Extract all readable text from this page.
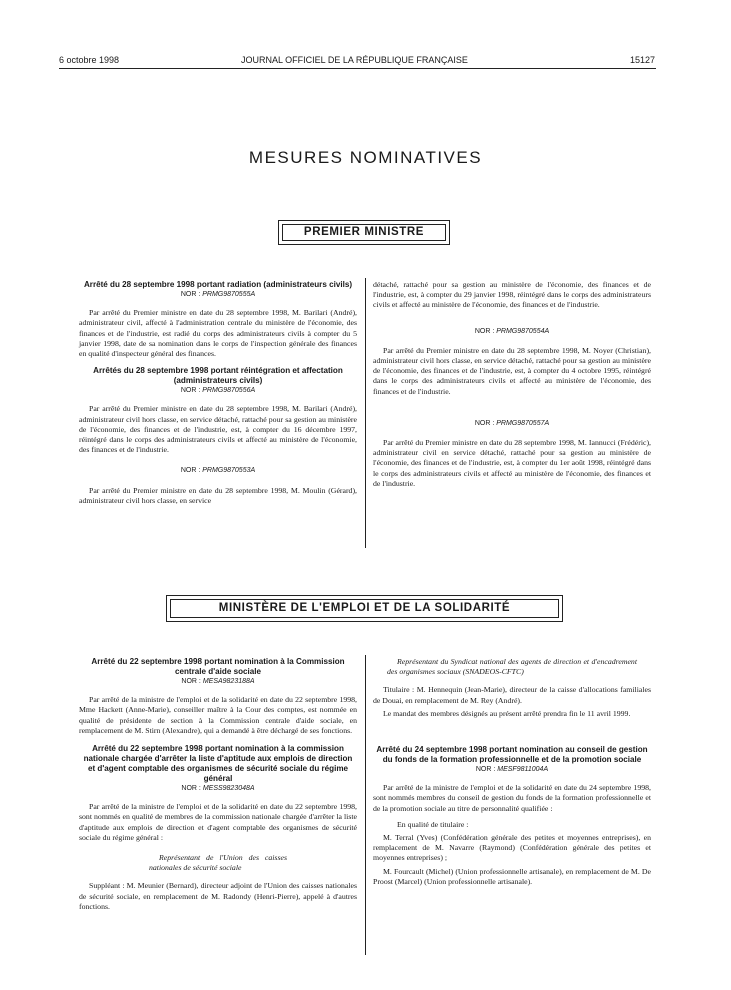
6 octobre 1998	JOURNAL OFFICIEL DE LA RÉPUBLIQUE FRANÇAISE	15127
MESURES NOMINATIVES
PREMIER MINISTRE
Arrêté du 28 septembre 1998 portant radiation (administrateurs civils)
NOR : PRMG9870555A

Par arrêté du Premier ministre en date du 28 septembre 1998, M. Barilari (André), administrateur civil, affecté à l'administration centrale du ministère de l'économie, des finances et de l'industrie, est radié du corps des administrateurs civils à compter du 5 janvier 1998, date de sa nomination dans le corps de l'inspection générale des finances en qualité d'inspecteur général des finances.

Arrêtés du 28 septembre 1998 portant réintégration et affectation (administrateurs civils)
NOR : PRMG9870556A

Par arrêté du Premier ministre en date du 28 septembre 1998, M. Barilari (André), administrateur civil hors classe, en service détaché, rattaché pour sa gestion au ministère de l'économie, des finances et de l'industrie, est, à compter du 16 décembre 1997, réintégré dans le corps des administrateurs civils et affecté au ministère de l'économie, des finances et de l'industrie.

NOR : PRMG9870553A

Par arrêté du Premier ministre en date du 28 septembre 1998, M. Moulin (Gérard), administrateur civil hors classe, en service

détaché, rattaché pour sa gestion au ministère de l'économie, des finances et de l'industrie, est, à compter du 29 janvier 1998, réintégré dans le corps des administrateurs civils et affecté au ministère de l'économie, des finances et de l'industrie.

NOR : PRMG9870554A

Par arrêté du Premier ministre en date du 28 septembre 1998, M. Noyer (Christian), administrateur civil hors classe, en service détaché, rattaché pour sa gestion au ministère de l'économie, des finances et de l'industrie, est, à compter du 4 octobre 1995, réintégré dans le corps des administrateurs civils et affecté au ministère de l'économie, des finances et de l'industrie.

NOR : PRMG9870557A

Par arrêté du Premier ministre en date du 28 septembre 1998, M. Iannucci (Frédéric), administrateur civil en service détaché, rattaché pour sa gestion au ministère de l'économie, des finances et de l'industrie, est, à compter du 1er août 1998, réintégré dans le corps des administrateurs civils et affecté au ministère de l'économie, des finances et de l'industrie.

MINISTÈRE DE L'EMPLOI ET DE LA SOLIDARITÉ
Arrêté du 22 septembre 1998 portant nomination à la Commission centrale d'aide sociale
NOR : MESA9823188A

Par arrêté de la ministre de l'emploi et de la solidarité en date du 22 septembre 1998, Mme Hackett (Anne-Marie), conseiller maître à la Cour des comptes, est nommée en qualité de présidente de section à la Commission centrale d'aide sociale, en remplacement de M. Stirn (Alexandre), qui a demandé à être déchargé de ses fonctions.

Arrêté du 22 septembre 1998 portant nomination à la commission nationale chargée d'arrêter la liste d'aptitude aux emplois de direction et d'agent comptable des organismes de sécurité sociale du régime général
NOR : MESS9823048A

Par arrêté de la ministre de l'emploi et de la solidarité en date du 22 septembre 1998, sont nommés en qualité de membres de la commission nationale chargée d'arrêter la liste d'aptitude aux emplois de direction et d'agent comptable des organismes de sécurité sociale du régime général :

Représentant de l'Union des caisses nationales de sécurité sociale

Suppléant : M. Meunier (Bernard), directeur adjoint de l'Union des caisses nationales de sécurité sociale, en remplacement de M. Radondy (Henri-Pierre), appelé à d'autres fonctions.

Représentant du Syndicat national des agents de direction et d'encadrement des organismes sociaux (SNADEOS-CFTC)

Titulaire : M. Hennequin (Jean-Marie), directeur de la caisse d'allocations familiales de Douai, en remplacement de M. Rey (André).

Le mandat des membres désignés au présent arrêté prendra fin le 11 avril 1999.

Arrêté du 24 septembre 1998 portant nomination au conseil de gestion du fonds de la formation professionnelle et de la promotion sociale
NOR : MESF9811004A

Par arrêté de la ministre de l'emploi et de la solidarité en date du 24 septembre 1998, sont nommés membres du conseil de gestion du fonds de la formation professionnelle et de la promotion sociale au titre de personnalité qualifiée :

En qualité de titulaire :

M. Terral (Yves) (Confédération générale des petites et moyennes entreprises), en remplacement de M. Navarre (Raymond) (Confédération générale des petites et moyennes entreprises) ;

M. Fourcault (Michel) (Union professionnelle artisanale), en remplacement de M. De Proost (Marcel) (Union professionnelle artisanale).
